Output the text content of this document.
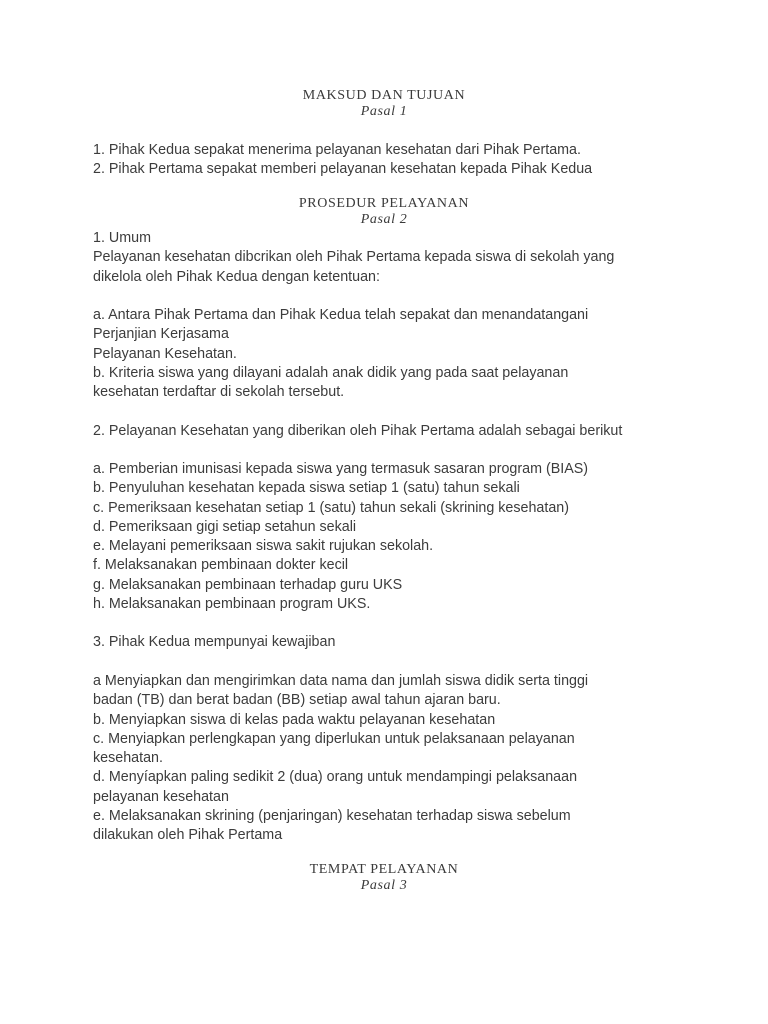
MAKSUD DAN TUJUAN
Pasal 1
1. Pihak Kedua sepakat menerima pelayanan kesehatan dari Pihak Pertama.
2. Pihak Pertama sepakat memberi pelayanan kesehatan kepada Pihak Kedua
PROSEDUR PELAYANAN
Pasal 2
1. Umum
Pelayanan kesehatan dibcrikan oleh Pihak Pertama kepada siswa di sekolah yang
dikelola oleh Pihak Kedua dengan ketentuan:
a. Antara Pihak Pertama dan Pihak Kedua telah sepakat dan menandatangani
Perjanjian Kerjasama
Pelayanan Kesehatan.
b. Kriteria siswa yang dilayani adalah anak didik yang pada saat pelayanan
kesehatan terdaftar di sekolah tersebut.
2. Pelayanan Kesehatan yang diberikan oleh Pihak Pertama adalah sebagai berikut
a. Pemberian imunisasi kepada siswa yang termasuk sasaran program (BIAS)
b. Penyuluhan kesehatan kepada siswa setiap 1 (satu) tahun sekali
c. Pemeriksaan kesehatan setiap 1 (satu) tahun sekali (skrining kesehatan)
d. Pemeriksaan gigi setiap setahun sekali
e. Melayani pemeriksaan siswa sakit rujukan sekolah.
f. Melaksanakan pembinaan dokter kecil
g. Melaksanakan pembinaan terhadap guru UKS
h. Melaksanakan pembinaan program UKS.
3. Pihak Kedua mempunyai kewajiban
a Menyiapkan dan mengirimkan data nama dan jumlah siswa didik serta tinggi
badan (TB) dan berat badan (BB) setiap awal tahun ajaran baru.
b. Menyiapkan siswa di kelas pada waktu pelayanan kesehatan
c. Menyiapkan perlengkapan yang diperlukan untuk pelaksanaan pelayanan
kesehatan.
d. Menyíapkan paling sedikit 2 (dua) orang untuk mendampingi pelaksanaan
pelayanan kesehatan
e. Melaksanakan skrining (penjaringan) kesehatan terhadap siswa sebelum
dilakukan oleh Pihak Pertama
TEMPAT PELAYANAN
Pasal 3
